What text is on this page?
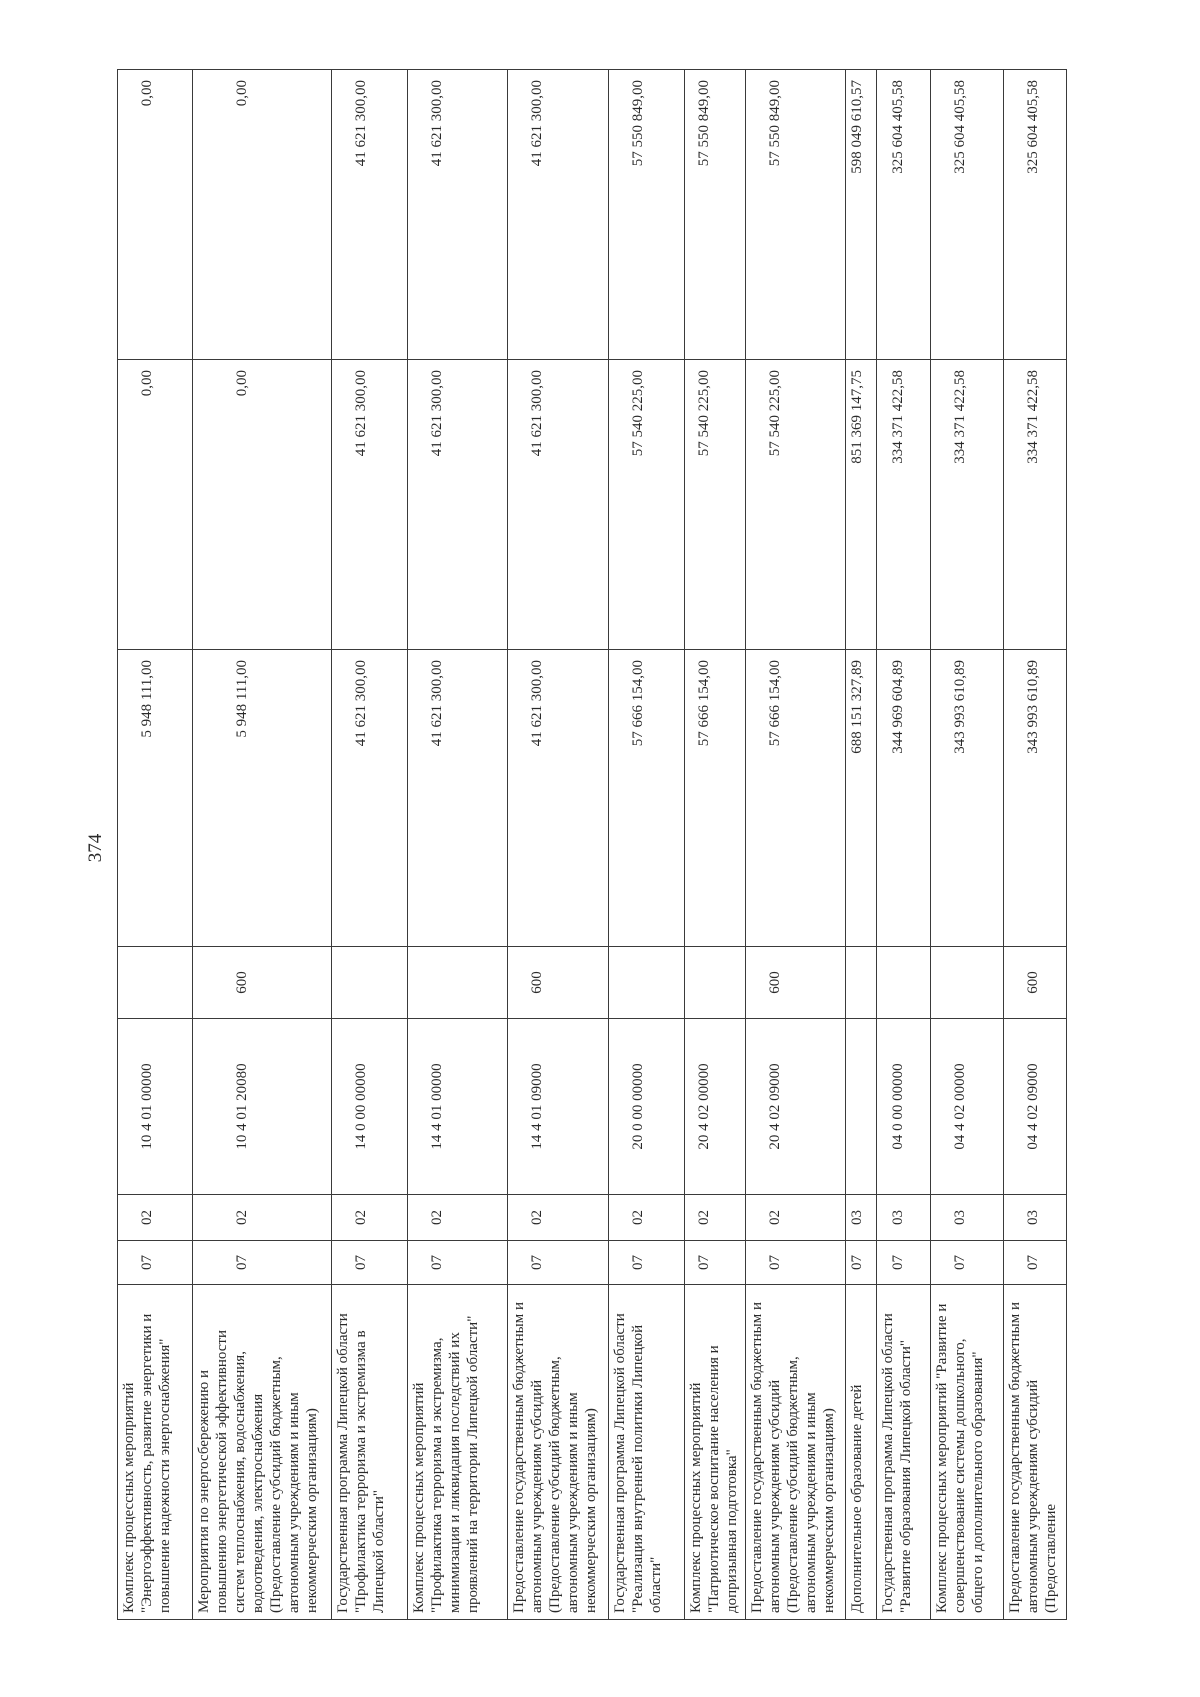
374
Комплекс процессных мероприятий "Энергоэффективность, развитие энергетики и повышение надежности энергоснабжения"	07	02	10 4 01 00000		5 948 111,00	0,00	0,00
Мероприятия по энергосбережению и повышению энергетической эффективности систем теплоснабжения, водоснабжения, водоотведения, электроснабжения (Предоставление субсидий бюджетным, автономным учреждениям и иным некоммерческим организациям)	07	02	10 4 01 20080	600	5 948 111,00	0,00	0,00
Государственная программа Липецкой области "Профилактика терроризма и экстремизма в Липецкой области"	07	02	14 0 00 00000		41 621 300,00	41 621 300,00	41 621 300,00
Комплекс процессных мероприятий "Профилактика терроризма и экстремизма, минимизация и ликвидация последствий их проявлений на территории Липецкой области"	07	02	14 4 01 00000		41 621 300,00	41 621 300,00	41 621 300,00
Предоставление государственным бюджетным и автономным учреждениям субсидий (Предоставление субсидий бюджетным, автономным учреждениям и иным некоммерческим организациям)	07	02	14 4 01 09000	600	41 621 300,00	41 621 300,00	41 621 300,00
Государственная программа Липецкой области "Реализация внутренней политики Липецкой области"	07	02	20 0 00 00000		57 666 154,00	57 540 225,00	57 550 849,00
Комплекс процессных мероприятий "Патриотическое воспитание населения и допризывная подготовка"	07	02	20 4 02 00000		57 666 154,00	57 540 225,00	57 550 849,00
Предоставление государственным бюджетным и автономным учреждениям субсидий (Предоставление субсидий бюджетным, автономным учреждениям и иным некоммерческим организациям)	07	02	20 4 02 09000	600	57 666 154,00	57 540 225,00	57 550 849,00
Дополнительное образование детей	07	03			688 151 327,89	851 369 147,75	598 049 610,57
Государственная программа Липецкой области "Развитие образования Липецкой области"	07	03	04 0 00 00000		344 969 604,89	334 371 422,58	325 604 405,58
Комплекс процессных мероприятий "Развитие и совершенствование системы дошкольного, общего и дополнительного образования"	07	03	04 4 02 00000		343 993 610,89	334 371 422,58	325 604 405,58
Предоставление государственным бюджетным и автономным учреждениям субсидий (Предоставление	07	03	04 4 02 09000	600	343 993 610,89	334 371 422,58	325 604 405,58
